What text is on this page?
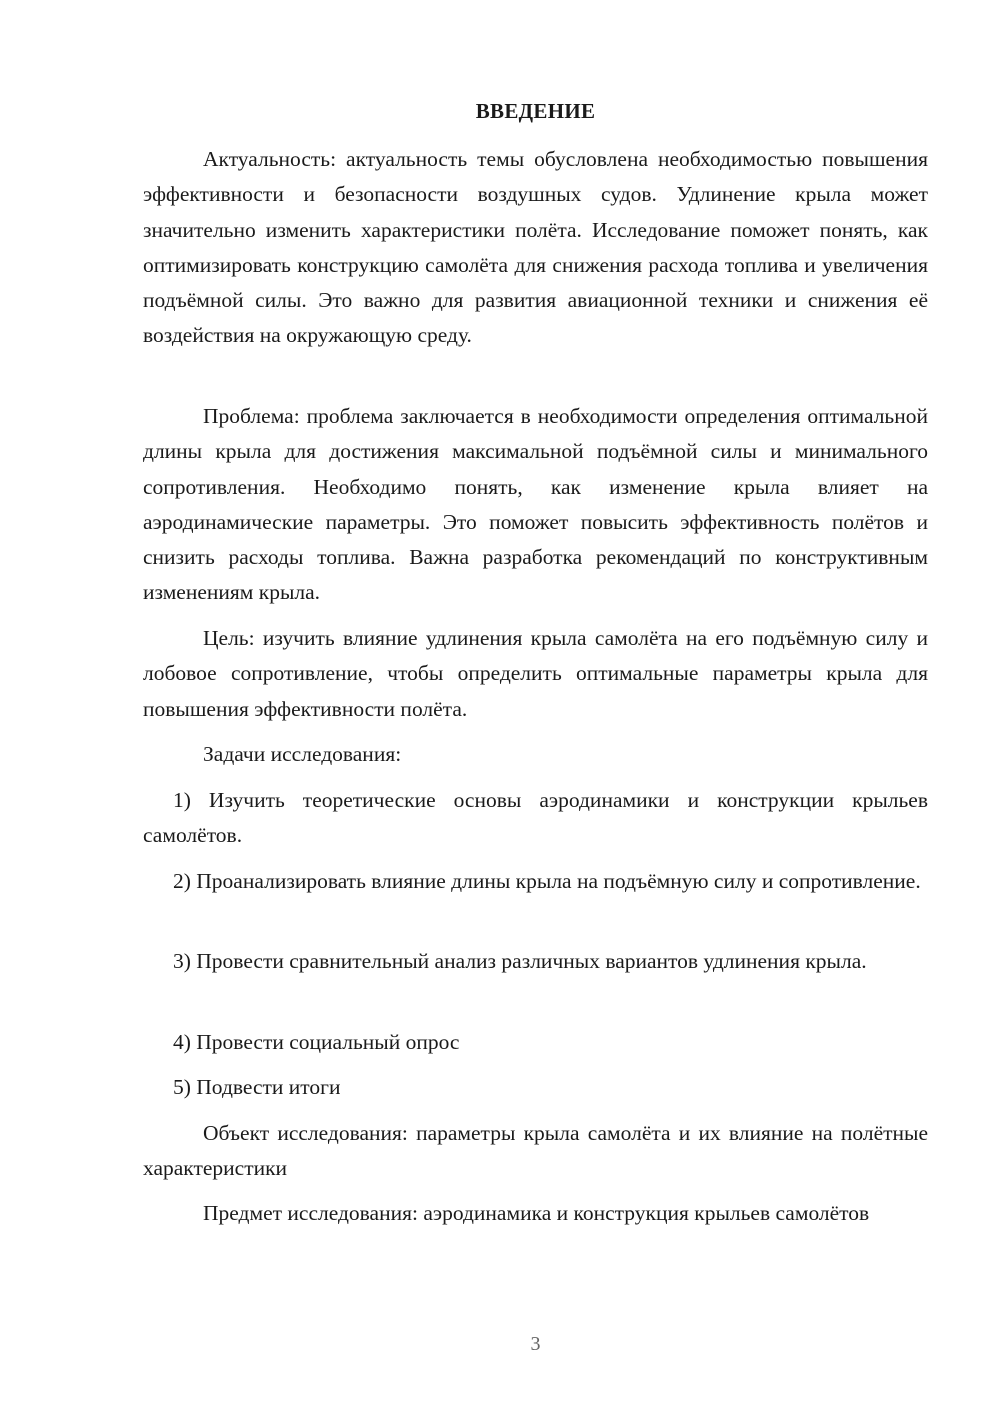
ВВЕДЕНИЕ

Актуальность: актуальность темы обусловлена необходимостью повышения эффективности и безопасности воздушных судов. Удлинение крыла может значительно изменить характеристики полёта. Исследование поможет понять, как оптимизировать конструкцию самолёта для снижения расхода топлива и увеличения подъёмной силы. Это важно для развития авиационной техники и снижения её воздействия на окружающую среду.

Проблема: проблема заключается в необходимости определения оптимальной длины крыла для достижения максимальной подъёмной силы и минимального сопротивления. Необходимо понять, как изменение крыла влияет на аэродинамические параметры. Это поможет повысить эффективность полётов и снизить расходы топлива. Важна разработка рекомендаций по конструктивным изменениям крыла.

Цель: изучить влияние удлинения крыла самолёта на его подъёмную силу и лобовое сопротивление, чтобы определить оптимальные параметры крыла для повышения эффективности полёта.

Задачи исследования:

1) Изучить теоретические основы аэродинамики и конструкции крыльев самолётов.

2) Проанализировать влияние длины крыла на подъёмную силу и сопротивление.

3) Провести сравнительный анализ различных вариантов удлинения крыла.

4) Провести социальный опрос

5) Подвести итоги

Объект исследования: параметры крыла самолёта и их влияние на полётные характеристики

Предмет исследования: аэродинамика и конструкция крыльев самолётов

3
